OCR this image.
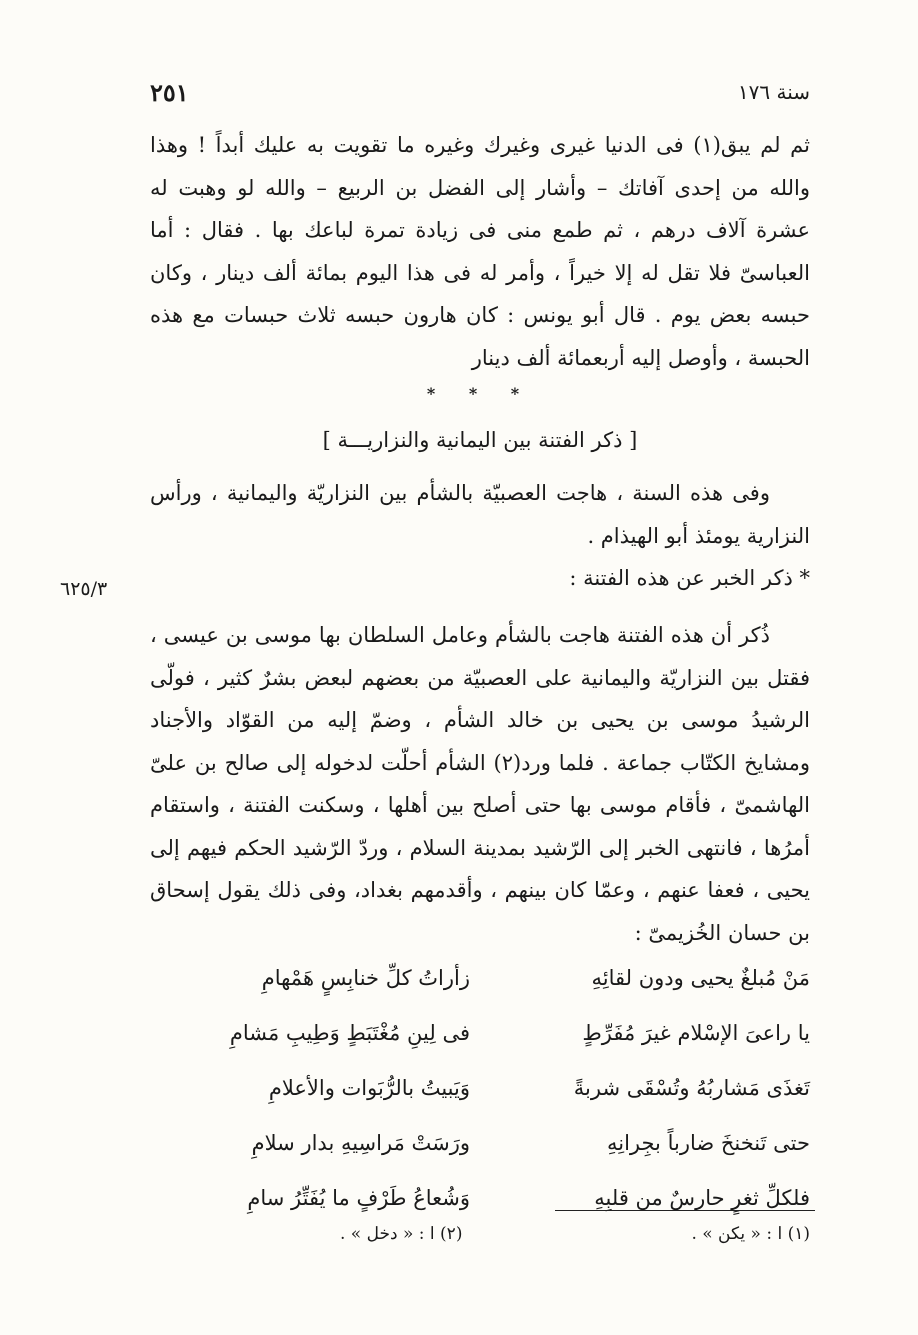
٢٥١	سنة ١٧٦
ثم لم يبق(١) فى الدنيا غيرى وغيرك وغيره ما تقويت به عليك أبداً ! وهذا والله من إحدى آفاتك – وأشار إلى الفضل بن الربيع – والله لو وهبت له عشرة آلاف درهم ، ثم طمع منى فى زيادة تمرة لباعك بها . فقال : أما العباسىّ فلا تقل له إلا خيراً ، وأمر له فى هذا اليوم بمائة ألف دينار ، وكان حبسه بعض يوم . قال أبو يونس : كان هارون حبسه ثلاث حبسات مع هذه الحبسة ، وأوصل إليه أربعمائة ألف دينار
* * *
[ ذكر الفتنة بين اليمانية والنزاريـــة ]
وفى هذه السنة ، هاجت العصبيّة بالشأم بين النزاريّة واليمانية ، ورأس النزارية يومئذ أبو الهيذام .
* ذكر الخبر عن هذه الفتنة :
٦٢٥/٣
ذُكر أن هذه الفتنة هاجت بالشأم وعامل السلطان بها موسى بن عيسى ، فقتل بين النزاريّة واليمانية على العصبيّة من بعضهم لبعض بشرٌ كثير ، فولّى الرشيدُ موسى بن يحيى بن خالد الشأم ، وضمّ إليه من القوّاد والأجناد ومشايخ الكتّاب جماعة . فلما ورد(٢) الشأم أحلّت لدخوله إلى صالح بن علىّ الهاشمىّ ، فأقام موسى بها حتى أصلح بين أهلها ، وسكنت الفتنة ، واستقام أمرُها ، فانتهى الخبر إلى الرّشيد بمدينة السلام ، وردّ الرّشيد الحكم فيهم إلى يحيى ، فعفا عنهم ، وعمّا كان بينهم ، وأقدمهم بغداد، وفى ذلك يقول إسحاق بن حسان الخُزيمىّ :
مَنْ مُبلغٌ يحيى ودون لقائِهِ
زأراتُ كلِّ خنابِسٍ هَمْهامِ
يا راعىَ الإسْلام غيرَ مُفَرِّطٍ
فى لِينِ مُغْتَبَطٍ وَطِيبِ مَشامِ
تَغذَى مَشاربُهُ وتُسْقَى شربةً
وَيَبيتُ بالرُّبَوات والأعلامِ
حتى تَنخنخَ ضارباً بجِرانِهِ
ورَسَتْ مَراسِيهِ بدار سلامِ
فلكلِّ ثغرٍ حارسٌ من قلبِهِ
وَشُعاعُ طَرْفٍ ما يُفَتِّرُ سامِ
(١) ا : « يكن » .
(٢) ا : « دخل » .
